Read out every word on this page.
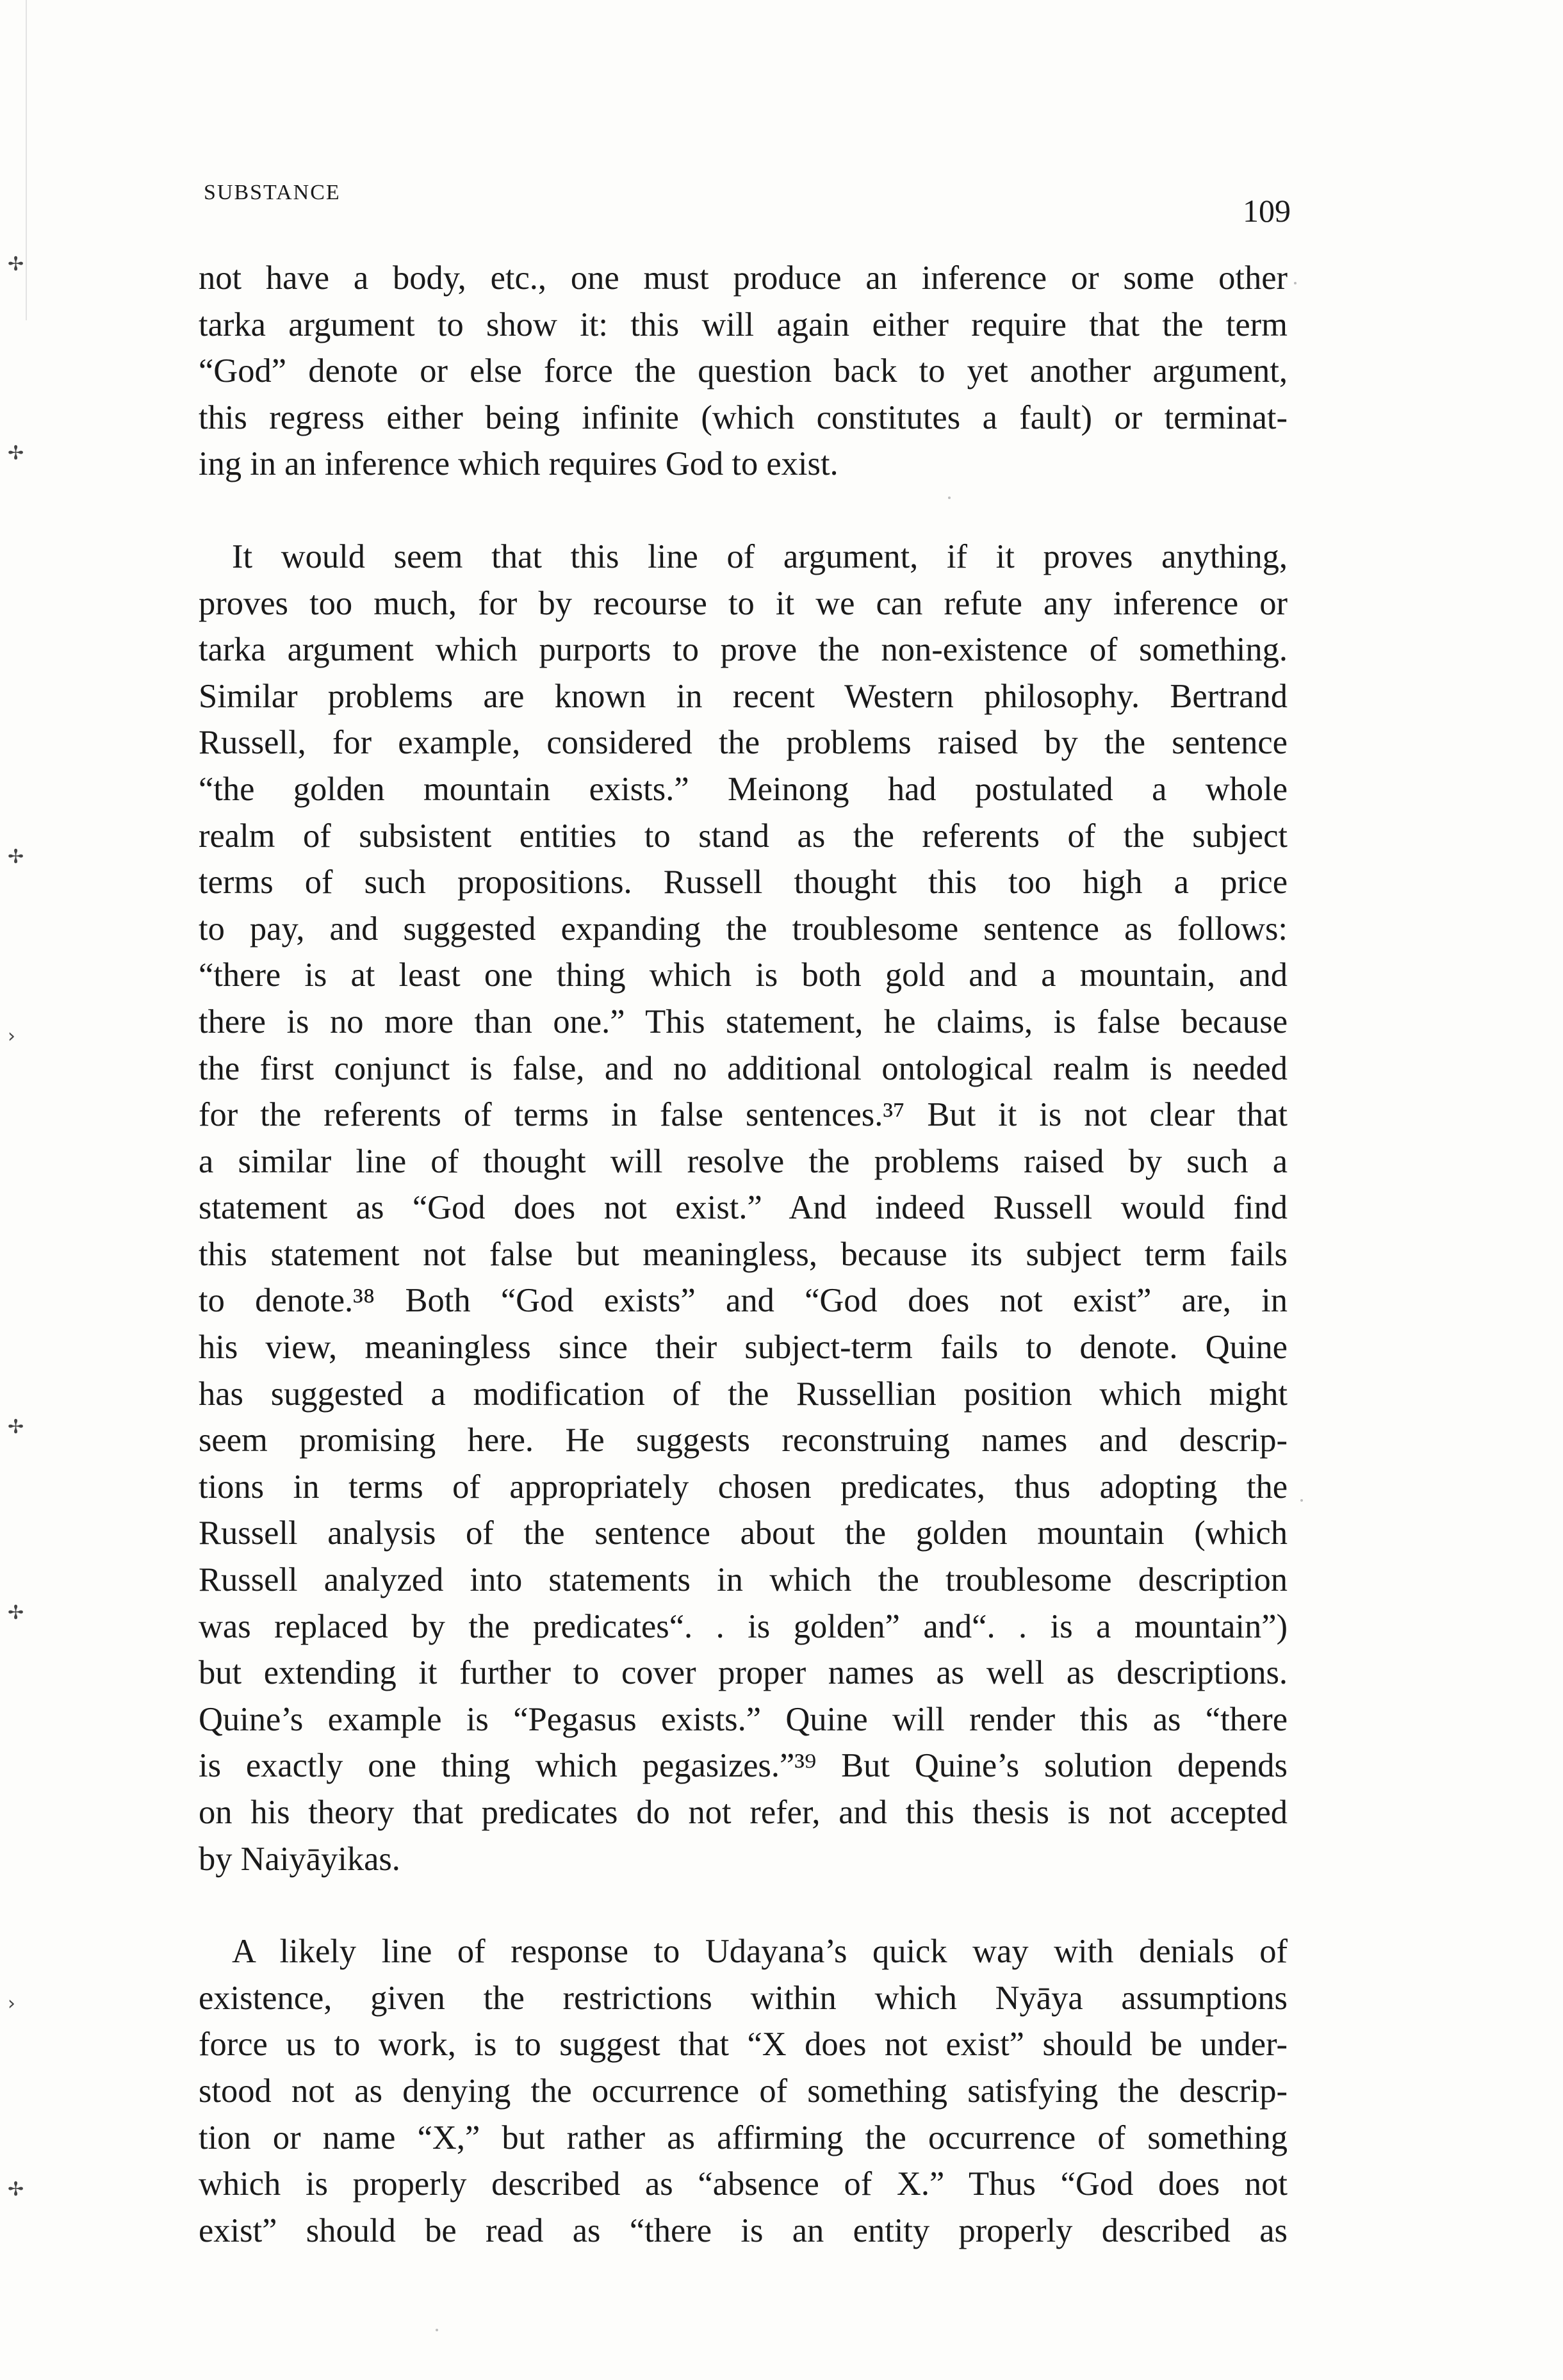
✢
✢
✢
›
✢
✢
›
✢
SUBSTANCE
109

not have a body, etc., one must produce an inference or some other
tarka argument to show it: this will again either require that the term
“God” denote or else force the question back to yet another argument,
this regress either being infinite (which constitutes a fault) or terminat-
ing in an inference which requires God to exist.

It would seem that this line of argument, if it proves anything,
proves too much, for by recourse to it we can refute any inference or
tarka argument which purports to prove the non-existence of something.
Similar problems are known in recent Western philosophy. Bertrand
Russell, for example, considered the problems raised by the sentence
“the golden mountain exists.” Meinong had postulated a whole
realm of subsistent entities to stand as the referents of the subject
terms of such propositions. Russell thought this too high a price
to pay, and suggested expanding the troublesome sentence as follows:
“there is at least one thing which is both gold and a mountain, and
there is no more than one.” This statement, he claims, is false because
the first conjunct is false, and no additional ontological realm is needed
for the referents of terms in false sentences.³⁷ But it is not clear that
a similar line of thought will resolve the problems raised by such a
statement as “God does not exist.” And indeed Russell would find
this statement not false but meaningless, because its subject term fails
to denote.³⁸ Both “God exists” and “God does not exist” are, in
his view, meaningless since their subject-term fails to denote. Quine
has suggested a modification of the Russellian position which might
seem promising here. He suggests reconstruing names and descrip-
tions in terms of appropriately chosen predicates, thus adopting the
Russell analysis of the sentence about the golden mountain (which
Russell analyzed into statements in which the troublesome description
was replaced by the predicates“. . is golden” and“. . is a mountain”)
but extending it further to cover proper names as well as descriptions.
Quine’s example is “Pegasus exists.” Quine will render this as “there
is exactly one thing which pegasizes.”³⁹ But Quine’s solution depends
on his theory that predicates do not refer, and this thesis is not accepted
by Naiyāyikas.

A likely line of response to Udayana’s quick way with denials of
existence, given the restrictions within which Nyāya assumptions
force us to work, is to suggest that “X does not exist” should be under-
stood not as denying the occurrence of something satisfying the descrip-
tion or name “X,” but rather as affirming the occurrence of something
which is properly described as “absence of X.” Thus “God does not
exist” should be read as “there is an entity properly described as
